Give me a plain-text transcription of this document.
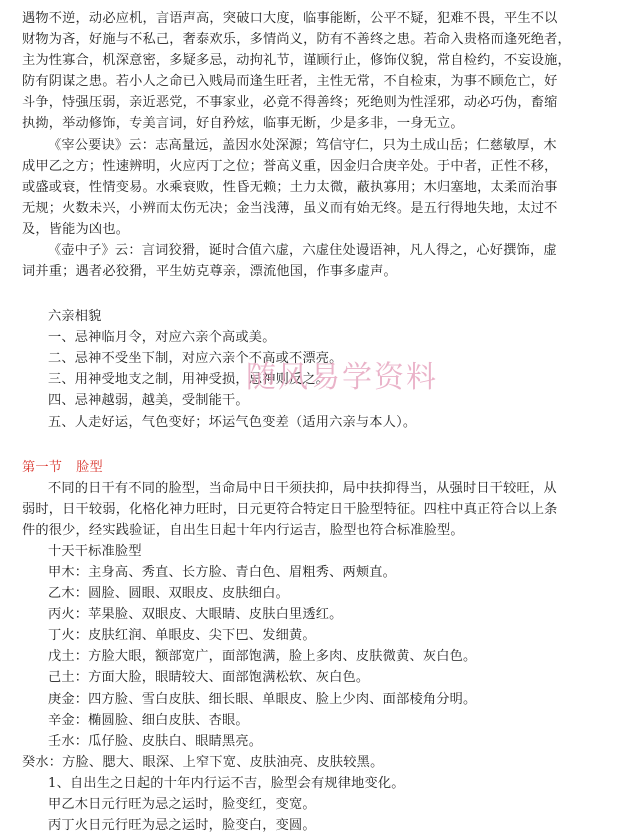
遇物不逆，动必应机，言语声高，突破口大度，临事能断，公平不疑，犯难不畏，平生不以
财物为吝，好施与不私己，奢泰欢乐，多情尚义，防有不善终之患。若命入贵格而逢死绝者，
主为性寡合，机深意密，多疑多忌，动拘礼节，谨顾行止，修饰仪貌，常自检约，不妄设施，
防有阴谋之患。若小人之命已入贱局而逢生旺者，主性无常，不自检束，为事不顾危亡，好
斗争，恃强压弱，亲近恶党，不事家业，必竟不得善终；死绝则为性淫邪，动必巧伪，畜缩
执拗，举动修饰，专美言词，好自矜炫，临事无断，少是多非，一身无立。
《宰公要诀》云：志高量远，盖因水处深源；笃信守仁，只为土成山岳；仁慈敏厚，木
成甲乙之方；性速辨明，火应丙丁之位；誉高义重，因金归合庚辛处。于中者，正性不移，
或盛或衰，性情变易。水乘衰败，性昏无赖；土力太微，蔽执寡用；木归塞地，太柔而治事
无规；火数未兴，小辨而太伤无决；金当浅薄，虽义而有始无终。是五行得地失地，太过不
及，皆能为凶也。
《壶中子》云：言词狡猾，诞时合值六虚，六虚住处谩语神，凡人得之，心好撰饰，虚
词并重；遇者必狡猾，平生妨克尊亲，漂流他国，作事多虚声。
六亲相貌
一、忌神临月令，对应六亲个高或美。
二、忌神不受坐下制，对应六亲个不高或不漂亮。
三、用神受地支之制，用神受损，忌神则反之。
四、忌神越弱，越美，受制能干。
五、人走好运，气色变好；坏运气色变差（适用六亲与本人）。
第一节 脸型
不同的日干有不同的脸型，当命局中日干须扶抑，局中扶抑得当，从强时日干较旺，从
弱时，日干较弱，化格化神力旺时，日元更符合特定日干脸型特征。四柱中真正符合以上条
件的很少，经实践验证，自出生日起十年内行运吉，脸型也符合标准脸型。
十天干标准脸型
甲木：主身高、秀直、长方脸、青白色、眉粗秀、两颊直。
乙木：圆脸、圆眼、双眼皮、皮肤细白。
丙火：苹果脸、双眼皮、大眼睛、皮肤白里透红。
丁火：皮肤红润、单眼皮、尖下巴、发细黄。
戊土：方脸大眼，额部宽广，面部饱满，脸上多肉、皮肤微黄、灰白色。
己土：方面大脸，眼睛较大、面部饱满松软、灰白色。
庚金：四方脸、雪白皮肤、细长眼、单眼皮、脸上少肉、面部棱角分明。
辛金：椭圆脸、细白皮肤、杏眼。
壬水：瓜仔脸、皮肤白、眼睛黑亮。
癸水：方脸、腮大、眼深、上窄下宽、皮肤油亮、皮肤较黑。
1、自出生之日起的十年内行运不吉，脸型会有规律地变化。
甲乙木日元行旺为忌之运时，脸变红，变宽。
丙丁火日元行旺为忌之运时，脸变白，变圆。
随风易学资料
